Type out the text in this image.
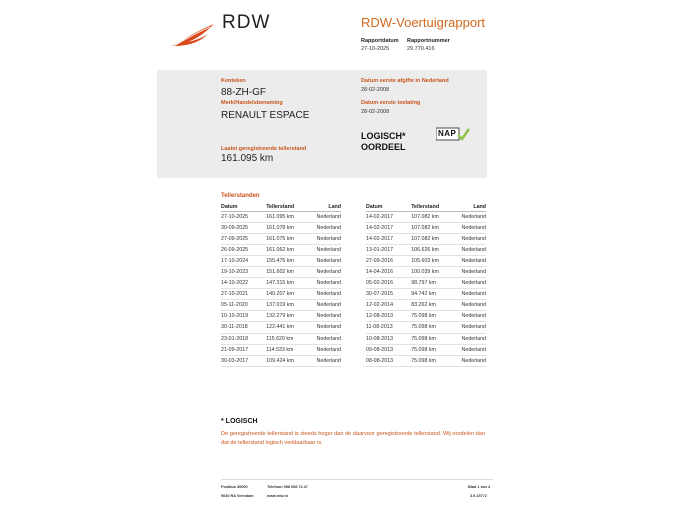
RDW	RDW-Voertuigrapport
Rapportdatum
27-10-2025
Rapportnummer
29.770.416
Kenteken
88-ZH-GF
Merk/Handelsbenaming
RENAULT ESPACE
Laatst geregistreerde tellerstand
161.095 km
Datum eerste afgifte in Nederland
28-02-2008
Datum eerste toelating
28-02-2008
LOGISCH*
OORDEEL
NAP
Tellerstanden
Datum	Tellerstand	Land
27-10-2025	161.095 km	Nederland
30-09-2025	161.078 km	Nederland
27-09-2025	161.075 km	Nederland
26-09-2025	161.062 km	Nederland
17-10-2024	155.475 km	Nederland
19-10-2023	151.602 km	Nederland
14-10-2022	147.315 km	Nederland
27-10-2021	140.207 km	Nederland
05-11-2020	137.019 km	Nederland
10-10-2019	132.279 km	Nederland
30-11-2018	122.441 km	Nederland
23-01-2018	115.620 km	Nederland
21-09-2017	114.533 km	Nederland
30-03-2017	109.424 km	Nederland
Datum	Tellerstand	Land
14-02-2017	107.082 km	Nederland
14-02-2017	107.082 km	Nederland
14-02-2017	107.082 km	Nederland
13-01-2017	106.626 km	Nederland
27-09-2016	105.603 km	Nederland
14-04-2016	100.039 km	Nederland
05-02-2016	98.797 km	Nederland
30-07-2015	94.742 km	Nederland
12-02-2014	83.262 km	Nederland
12-08-2013	75.098 km	Nederland
11-08-2013	75.098 km	Nederland
10-08-2013	75.098 km	Nederland
09-08-2013	75.098 km	Nederland
08-08-2013	75.098 km	Nederland
* LOGISCH
De geregistreerde tellerstand is steeds hoger dan de daarvoor geregistreerde tellerstand. Wij oordelen dan dat de tellerstand logisch verklaarbaar is.
Postbus 30000
9640 RA Veendam
Telefoon 088 008 74 47
www.rdw.nl
Blad 1 van 4
3.0.15772
